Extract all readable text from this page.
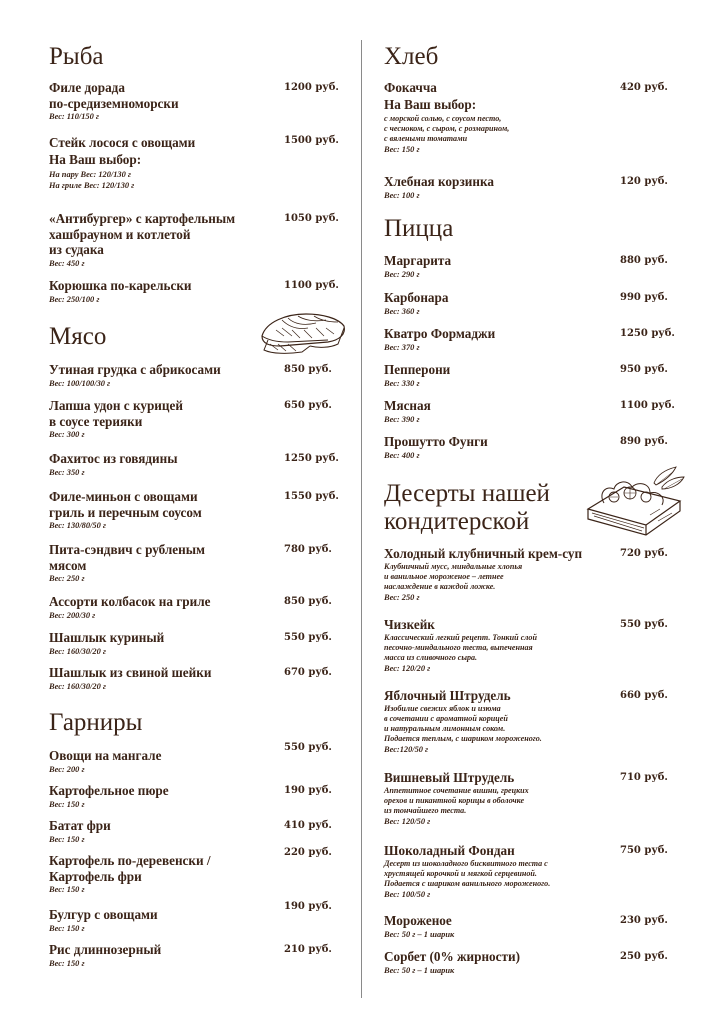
Рыба
Филе дорада
по-средиземноморски
Вес: 110/150 г
1200 руб.
Стейк лосося с овощами
На Ваш выбор:
На пару Вес: 120/130 г
На гриле Вес: 120/130 г
1500 руб.
«Антибургер» с картофельным
хашбрауном и котлетой
из судака
Вес: 450 г
1050 руб.
Корюшка по-карельски
Вес: 250/100 г
1100 руб.
Мясо
Утиная грудка с абрикосами
Вес: 100/100/30 г
850 руб.
Лапша удон с курицей
в соусе терияки
Вес: 300 г
650 руб.
Фахитос из говядины
Вес: 350 г
1250 руб.
Филе-миньон с овощами
гриль и перечным соусом
Вес: 130/80/50 г
1550 руб.
Пита-сэндвич с рубленым
мясом
Вес: 250 г
780 руб.
Ассорти колбасок на гриле
Вес: 200/30 г
850 руб.
Шашлык куриный
Вес: 160/30/20 г
550 руб.
Шашлык из свиной шейки
Вес: 160/30/20 г
670 руб.
Гарниры
Овощи на мангале
Вес: 200 г
550 руб.
Картофельное пюре
Вес: 150 г
190 руб.
Батат фри
Вес: 150 г
410 руб.
Картофель по-деревенски /
Картофель фри
Вес: 150 г
220 руб.
Булгур с овощами
Вес: 150 г
190 руб.
Рис длиннозерный
Вес: 150 г
210 руб.
Хлеб
Фокачча
На Ваш выбор:
с морской солью, с соусом песто,
с чесноком, с сыром, с розмарином,
с вялеными томатами
Вес: 150 г
420 руб.
Хлебная корзинка
Вес: 100 г
120 руб.
Пицца
Маргарита
Вес: 290 г
880 руб.
Карбонара
Вес: 360 г
990 руб.
Кватро Формаджи
Вес: 370 г
1250 руб.
Пепперони
Вес: 330 г
950 руб.
Мясная
Вес: 390 г
1100 руб.
Прошутто Фунги
Вес: 400 г
890 руб.
Десерты нашей
кондитерской
Холодный клубничный крем-суп
Клубничный мусс, миндальные хлопья
и ванильное мороженое – летнее
наслаждение в каждой ложке.
Вес: 250 г
720 руб.
Чизкейк
Классический легкий рецепт. Тонкий слой
песочно-миндального теста, выпеченная
масса из сливочного сыра.
Вес: 120/20 г
550 руб.
Яблочный Штрудель
Изобилие свежих яблок и изюма
в сочетании с ароматной корицей
и натуральным лимонным соком.
Подается теплым, с шариком мороженого.
Вес:120/50 г
660 руб.
Вишневый Штрудель
Аппетитное сочетание вишни, грецких
орехов и пикантной корицы в оболочке
из тончайшего теста.
Вес: 120/50 г
710 руб.
Шоколадный Фондан
Десерт из шоколадного бисквитного теста с
хрустящей корочкой и мягкой серцевиной.
Подается с шариком ванильного мороженого.
Вес: 100/50 г
750 руб.
Мороженое
Вес: 50 г – 1 шарик
230 руб.
Сорбет (0% жирности)
Вес: 50 г – 1 шарик
250 руб.
